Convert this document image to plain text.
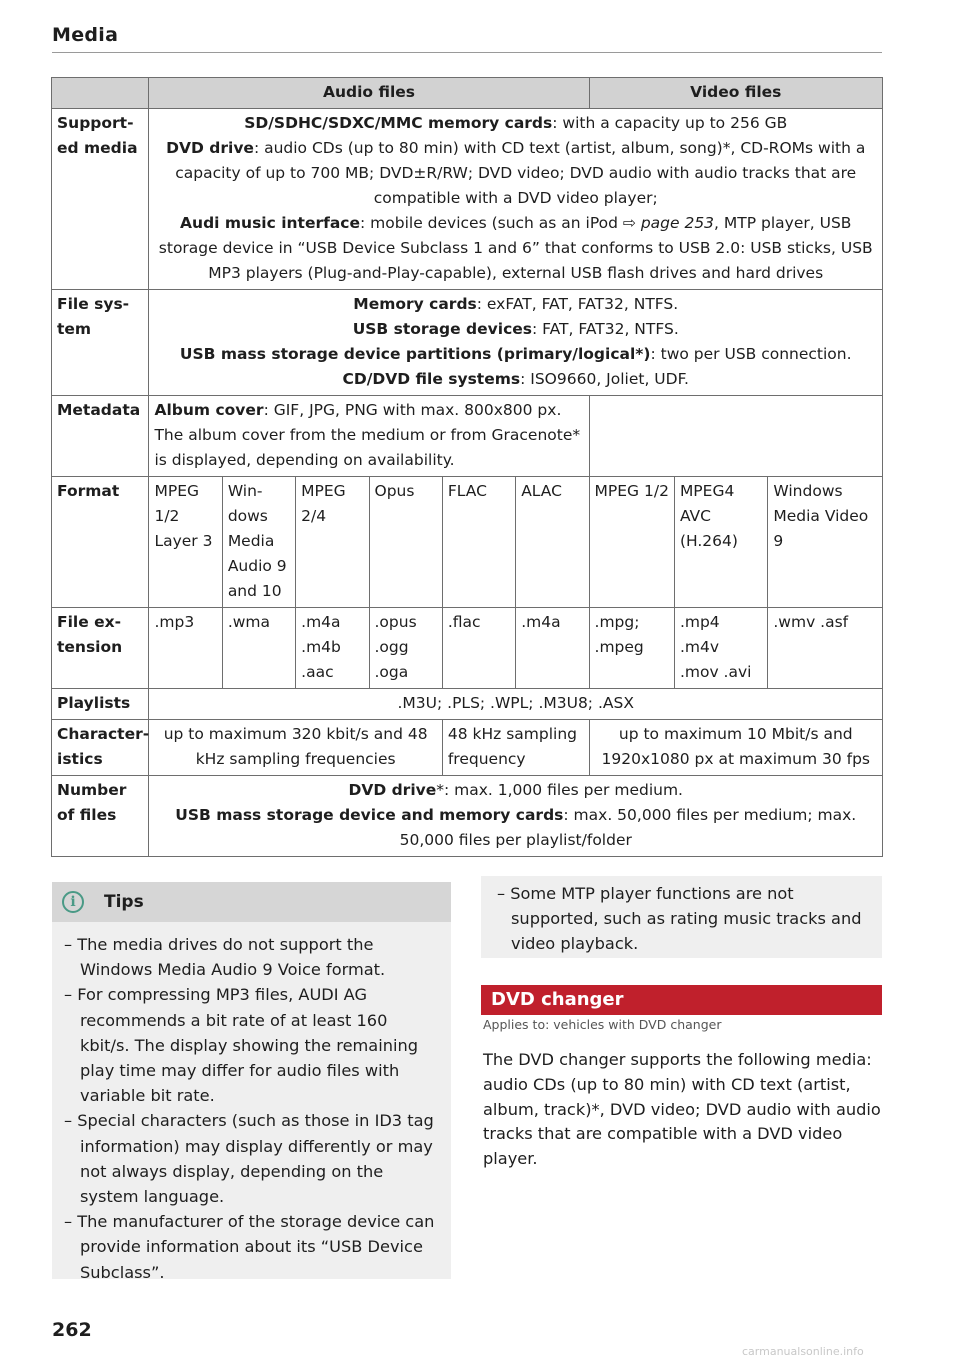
Media
	Audio files						Video files		
Support-ed media	SD/SDHC/SDXC/MMC memory cards: with a capacity up to 256 GB
DVD drive: audio CDs (up to 80 min) with CD text (artist, album, song)*, CD-ROMs with a capacity of up to 700 MB; DVD±R/RW; DVD video; DVD audio with audio tracks that are compatible with a DVD video player;
Audi music interface: mobile devices (such as an iPod ⇨ page 253, MTP player, USB storage device in “USB Device Subclass 1 and 6” that conforms to USB 2.0: USB sticks, USB MP3 players (Plug-and-Play-capable), external USB flash drives and hard drives								

File sys-tem	Memory cards: exFAT, FAT, FAT32, NTFS.
USB storage devices: FAT, FAT32, NTFS.
USB mass storage device partitions (primary/logical*): two per USB connection.
CD/DVD file systems: ISO9660, Joliet, UDF.								

Metadata	Album cover: GIF, JPG, PNG with max. 800x800 px. The album cover from the medium or from Gracenote* is displayed, depending on availability.								
Format	MPEG 1/2 Layer 3	Win-dows Media Audio 9 and 10	MPEG 2/4	Opus	FLAC	ALAC	MPEG 1/2	MPEG4 AVC (H.264)	Windows Media Video 9
File ex-tension	.mp3	.wma	.m4a .m4b .aac	.opus .ogg .oga	.flac	.m4a	.mpg; .mpeg	.mp4 .m4v .mov .avi	.wmv .asf
Playlists	.M3U; .PLS; .WPL; .M3U8; .ASX								
Character-istics	up to maximum 320 kbit/s and 48 kHz sampling frequencies				48 kHz sampling frequency		up to maximum 10 Mbit/s and 1920x1080 px at maximum 30 fps		
Number of files	DVD drive*: max. 1,000 files per medium.
USB mass storage device and memory cards: max. 50,000 files per medium; max. 50,000 files per playlist/folder								
i	Tips
– The media drives do not support the Windows Media Audio 9 Voice format.
– For compressing MP3 files, AUDI AG recommends a bit rate of at least 160 kbit/s. The display showing the remaining play time may differ for audio files with variable bit rate.
– Special characters (such as those in ID3 tag information) may display differently or may not always display, depending on the system language.
– The manufacturer of the storage device can provide information about its “USB Device Subclass”.

– Some MTP player functions are not supported, such as rating music tracks and video playback.

DVD changer
Applies to: vehicles with DVD changer

The DVD changer supports the following media: audio CDs (up to 80 min) with CD text (artist, album, track)*, DVD video; DVD audio with audio tracks that are compatible with a DVD video player.

262
carmanualsonline.info
